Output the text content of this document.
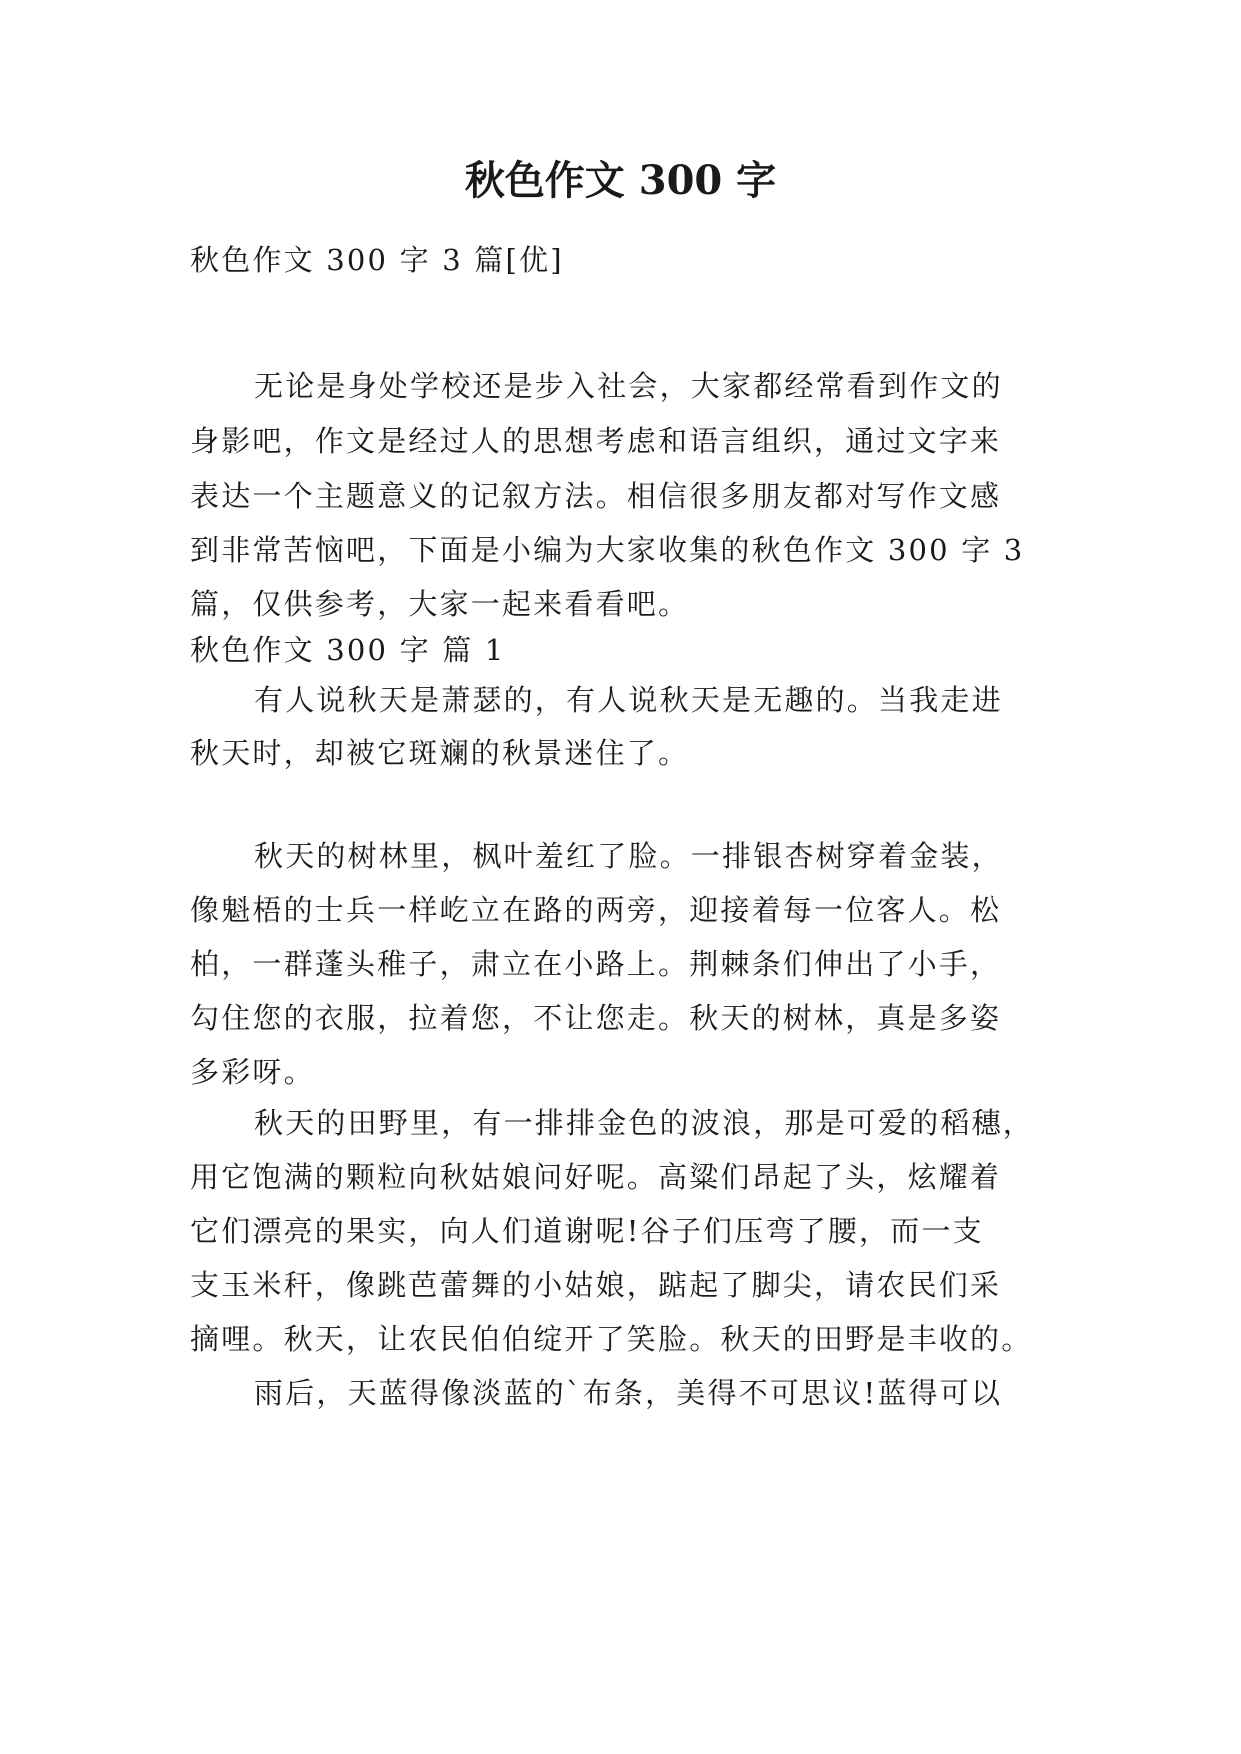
秋色作文 300 字
秋色作文 300 字 3 篇[优]
无论是身处学校还是步入社会，大家都经常看到作文的
身影吧，作文是经过人的思想考虑和语言组织，通过文字来
表达一个主题意义的记叙方法。相信很多朋友都对写作文感
到非常苦恼吧，下面是小编为大家收集的秋色作文 300 字 3
篇，仅供参考，大家一起来看看吧。
秋色作文 300 字 篇 1
有人说秋天是萧瑟的，有人说秋天是无趣的。当我走进
秋天时，却被它斑斓的秋景迷住了。
秋天的树林里，枫叶羞红了脸。一排银杏树穿着金装，
像魁梧的士兵一样屹立在路的两旁，迎接着每一位客人。松
柏，一群蓬头稚子，肃立在小路上。荆棘条们伸出了小手，
勾住您的衣服，拉着您，不让您走。秋天的树林，真是多姿
多彩呀。
秋天的田野里，有一排排金色的波浪，那是可爱的稻穗，
用它饱满的颗粒向秋姑娘问好呢。高粱们昂起了头，炫耀着
它们漂亮的果实，向人们道谢呢!谷子们压弯了腰，而一支
支玉米秆，像跳芭蕾舞的小姑娘，踮起了脚尖，请农民们采
摘哩。秋天，让农民伯伯绽开了笑脸。秋天的田野是丰收的。
雨后，天蓝得像淡蓝的`布条，美得不可思议!蓝得可以
